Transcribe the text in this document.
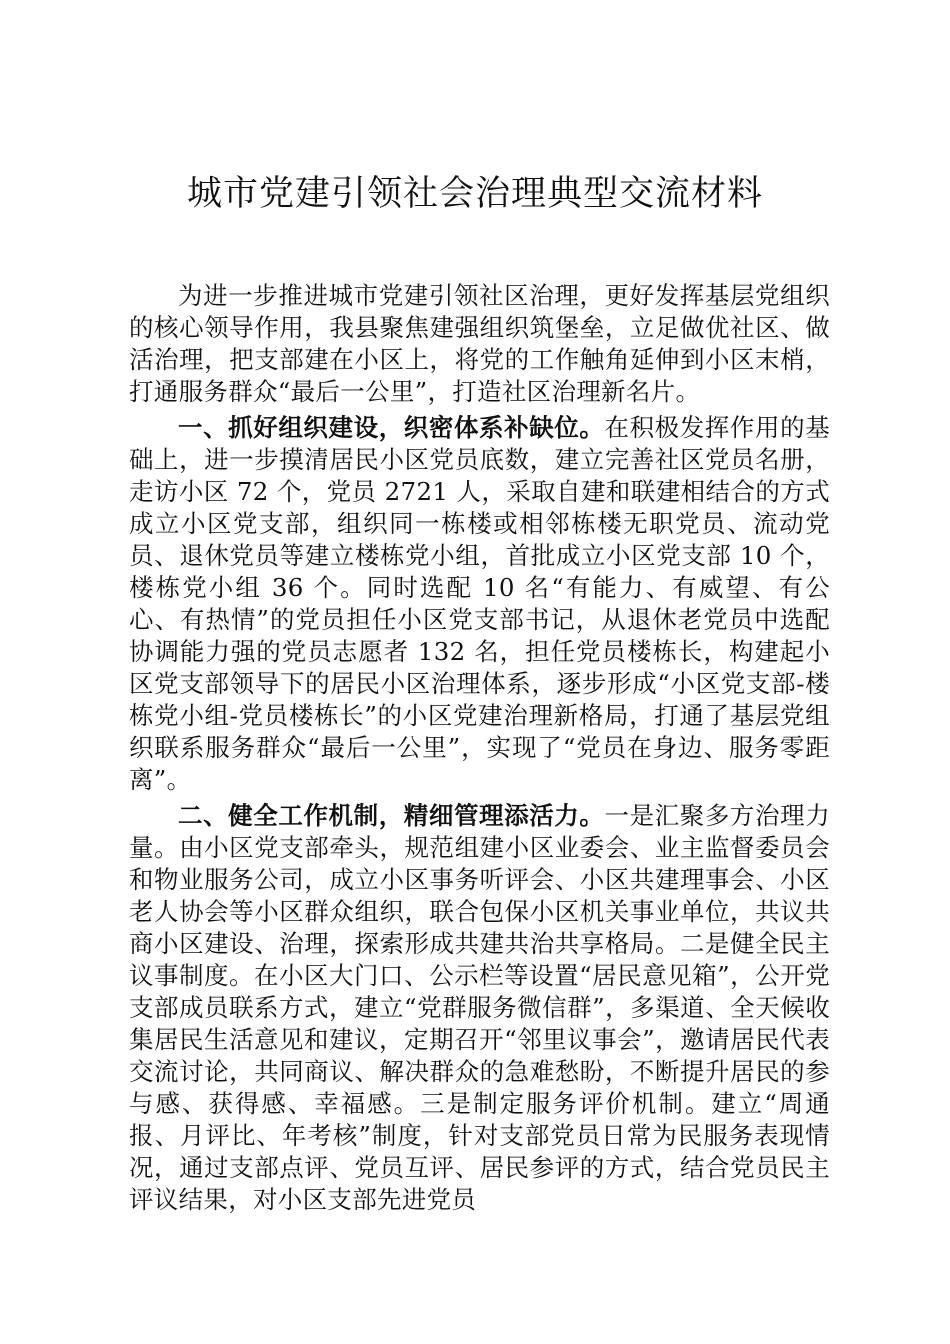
城市党建引领社会治理典型交流材料

为进一步推进城市党建引领社区治理，更好发挥基层党组织的核心领导作用，我县聚焦建强组织筑堡垒，立足做优社区、做活治理，把支部建在小区上，将党的工作触角延伸到小区末梢，打通服务群众“最后一公里”，打造社区治理新名片。

一、抓好组织建设，织密体系补缺位。在积极发挥作用的基础上，进一步摸清居民小区党员底数，建立完善社区党员名册，走访小区 72 个，党员 2721 人，采取自建和联建相结合的方式成立小区党支部，组织同一栋楼或相邻栋楼无职党员、流动党员、退休党员等建立楼栋党小组，首批成立小区党支部 10 个，楼栋党小组 36 个。同时选配 10 名“有能力、有威望、有公心、有热情”的党员担任小区党支部书记，从退休老党员中选配协调能力强的党员志愿者 132 名，担任党员楼栋长，构建起小区党支部领导下的居民小区治理体系，逐步形成“小区党支部-楼栋党小组-党员楼栋长”的小区党建治理新格局，打通了基层党组织联系服务群众“最后一公里”，实现了“党员在身边、服务零距离”。

二、健全工作机制，精细管理添活力。一是汇聚多方治理力量。由小区党支部牵头，规范组建小区业委会、业主监督委员会和物业服务公司，成立小区事务听评会、小区共建理事会、小区老人协会等小区群众组织，联合包保小区机关事业单位，共议共商小区建设、治理，探索形成共建共治共享格局。二是健全民主议事制度。在小区大门口、公示栏等设置“居民意见箱”，公开党支部成员联系方式，建立“党群服务微信群”，多渠道、全天候收集居民生活意见和建议，定期召开“邻里议事会”，邀请居民代表交流讨论，共同商议、解决群众的急难愁盼，不断提升居民的参与感、获得感、幸福感。三是制定服务评价机制。建立“周通报、月评比、年考核”制度，针对支部党员日常为民服务表现情况，通过支部点评、党员互评、居民参评的方式，结合党员民主评议结果，对小区支部先进党员
